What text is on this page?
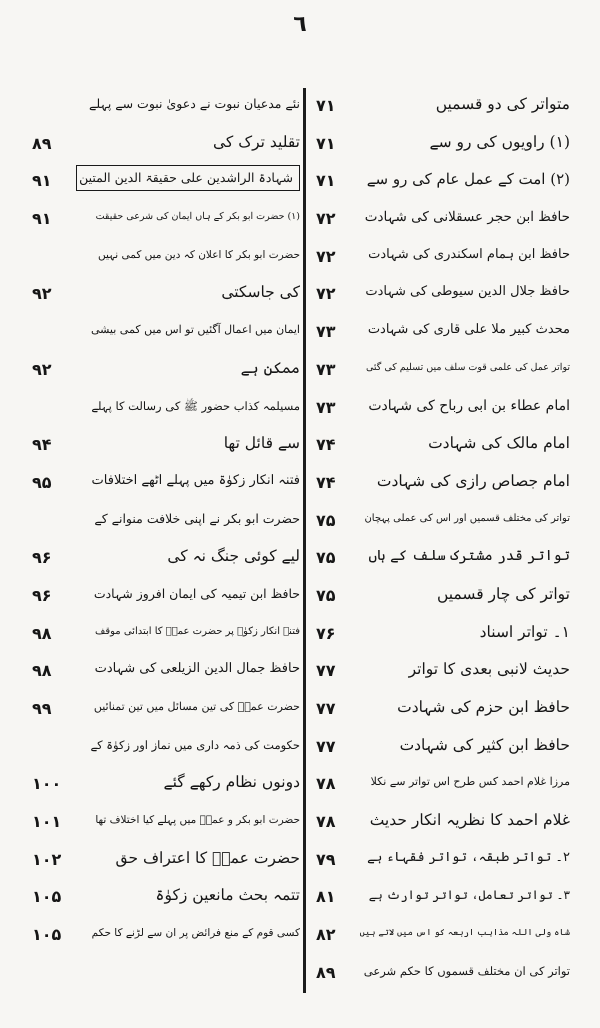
٦
نئے مدعیان نبوت نے دعویٰ نبوت سے پہلے
۸۹	تقلید ترک کی
۹۱	شہادۃ الراشدین علی حقیقۃ الدین المتین
۹۱	(۱) حضرت ابو بکر کے ہاں ایمان کی شرعی حقیقت
حضرت ابو بکر کا اعلان کہ دین میں کمی نہیں
۹۲	کی جاسکتی
ایمان میں اعمال آگئیں تو اس میں کمی بیشی
۹۲	ممکن ہے
مسیلمہ کذاب حضور ﷺ کی رسالت کا پہلے
۹۴	سے قائل تھا
۹۵	فتنہ انکار زکوٰۃ میں پہلے اٹھے اختلافات
حضرت ابو بکر نے اپنی خلافت منوانے کے
۹۶	لیے کوئی جنگ نہ کی
۹۶	حافظ ابن تیمیہ کی ایمان افروز شہادت
۹۸	فتنہ انکار زکوٰۃ پر حضرت عمرؓ کا ابتدائی موقف
۹۸	حافظ جمال الدین الزیلعی کی شہادت
۹۹	حضرت عمرؓ کی تین مسائل میں تین تمنائیں
حکومت کی ذمہ داری میں نماز اور زکوٰۃ کے
۱۰۰	دونوں نظام رکھے گئے
۱۰۱	حضرت ابو بکر و عمرؓ میں پہلے کیا اختلاف تھا
۱۰۲	حضرت عمرؓ کا اعتراف حق
۱۰۵	تتمہ بحث مانعین زکوٰۃ
۱۰۵	کسی قوم کے منع فرائض پر ان سے لڑنے کا حکم
۷۱	متواتر کی دو قسمیں
۷۱	(۱) راویوں کی رو سے
۷۱	(۲) امت کے عمل عام کی رو سے
۷۲	حافظ ابن حجر عسقلانی کی شہادت
۷۲	حافظ ابن ہمام اسکندری کی شہادت
۷۲	حافظ جلال الدین سیوطی کی شہادت
۷۳	محدث کبیر ملا علی قاری کی شہادت
۷۳	تواتر عمل کی علمی قوت سلف میں تسلیم کی گئی
۷۳	امام عطاء بن ابی رباح کی شہادت
۷۴	امام مالک کی شہادت
۷۴	امام جصاص رازی کی شہادت
۷۵	تواتر کی مختلف قسمیں اور اس کی عملی پہچان
۷۵	تواتر قدر مشترک سلف کے ہاں
۷۵	تواتر کی چار قسمیں
۷۶	۱۔ تواتر اسناد
۷۷	حدیث لانبی بعدی کا تواتر
۷۷	حافظ ابن حزم کی شہادت
۷۷	حافظ ابن کثیر کی شہادت
۷۸	مرزا غلام احمد کس طرح اس تواتر سے نکلا
۷۸	غلام احمد کا نظریہ انکار حدیث
۷۹	۲۔ تواتر طبقہ، تواتر فقہاء ہے
۸۱	۳۔ تواتر تعامل، تواتر توارث ہے
۸۲	شاہ ولی اللہ مذاہب اربعہ کو اس میں لاتے ہیں
۸۹	تواتر کی ان مختلف قسموں کا حکم شرعی
